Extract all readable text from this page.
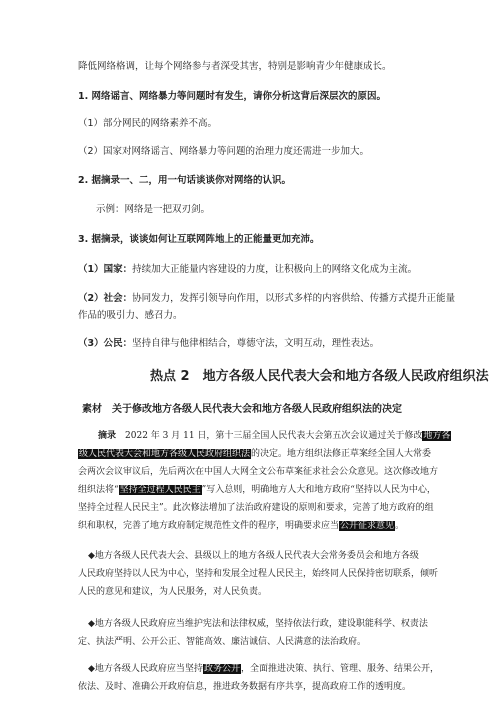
降低网络格调，让每个网络参与者深受其害，特别是影响青少年健康成长。
1. 网络谣言、网络暴力等问题时有发生，请你分析这背后深层次的原因。
（1）部分网民的网络素养不高。
（2）国家对网络谣言、网络暴力等问题的治理力度还需进一步加大。
2. 据摘录一、二，用一句话谈谈你对网络的认识。
示例：网络是一把双刃剑。
3. 据摘录，谈谈如何让互联网阵地上的正能量更加充沛。
（1）国家：持续加大正能量内容建设的力度，让积极向上的网络文化成为主流。
（2）社会：协同发力，发挥引领导向作用，以形式多样的内容供给、传播方式提升正能量
作品的吸引力、感召力。
（3）公民：坚持自律与他律相结合，尊德守法，文明互动，理性表达。
热点 2　地方各级人民代表大会和地方各级人民政府组织法
素材　关于修改地方各级人民代表大会和地方各级人民政府组织法的决定
摘录　2022 年 3 月 11 日，第十三届全国人民代表大会第五次会议通过关于修改地方各
级人民代表大会和地方各级人民政府组织法的决定。地方组织法修正草案经全国人大常委
会两次会议审议后，先后两次在中国人大网全文公布草案征求社会公众意见。这次修改地方
组织法将“坚持全过程人民民主”写入总则，明确地方人大和地方政府“坚持以人民为中心，
坚持全过程人民民主”。此次修法增加了法治政府建设的原则和要求，完善了地方政府的组
织和职权，完善了地方政府制定规范性文件的程序，明确要求应当公开征求意见。
◆地方各级人民代表大会、县级以上的地方各级人民代表大会常务委员会和地方各级
人民政府坚持以人民为中心，坚持和发展全过程人民民主，始终同人民保持密切联系，倾听
人民的意见和建议，为人民服务，对人民负责。
◆地方各级人民政府应当维护宪法和法律权威，坚持依法行政，建设职能科学、权责法
定、执法严明、公开公正、智能高效、廉洁诚信、人民满意的法治政府。
◆地方各级人民政府应当坚持政务公开，全面推进决策、执行、管理、服务、结果公开，
依法、及时、准确公开政府信息，推进政务数据有序共享，提高政府工作的透明度。
